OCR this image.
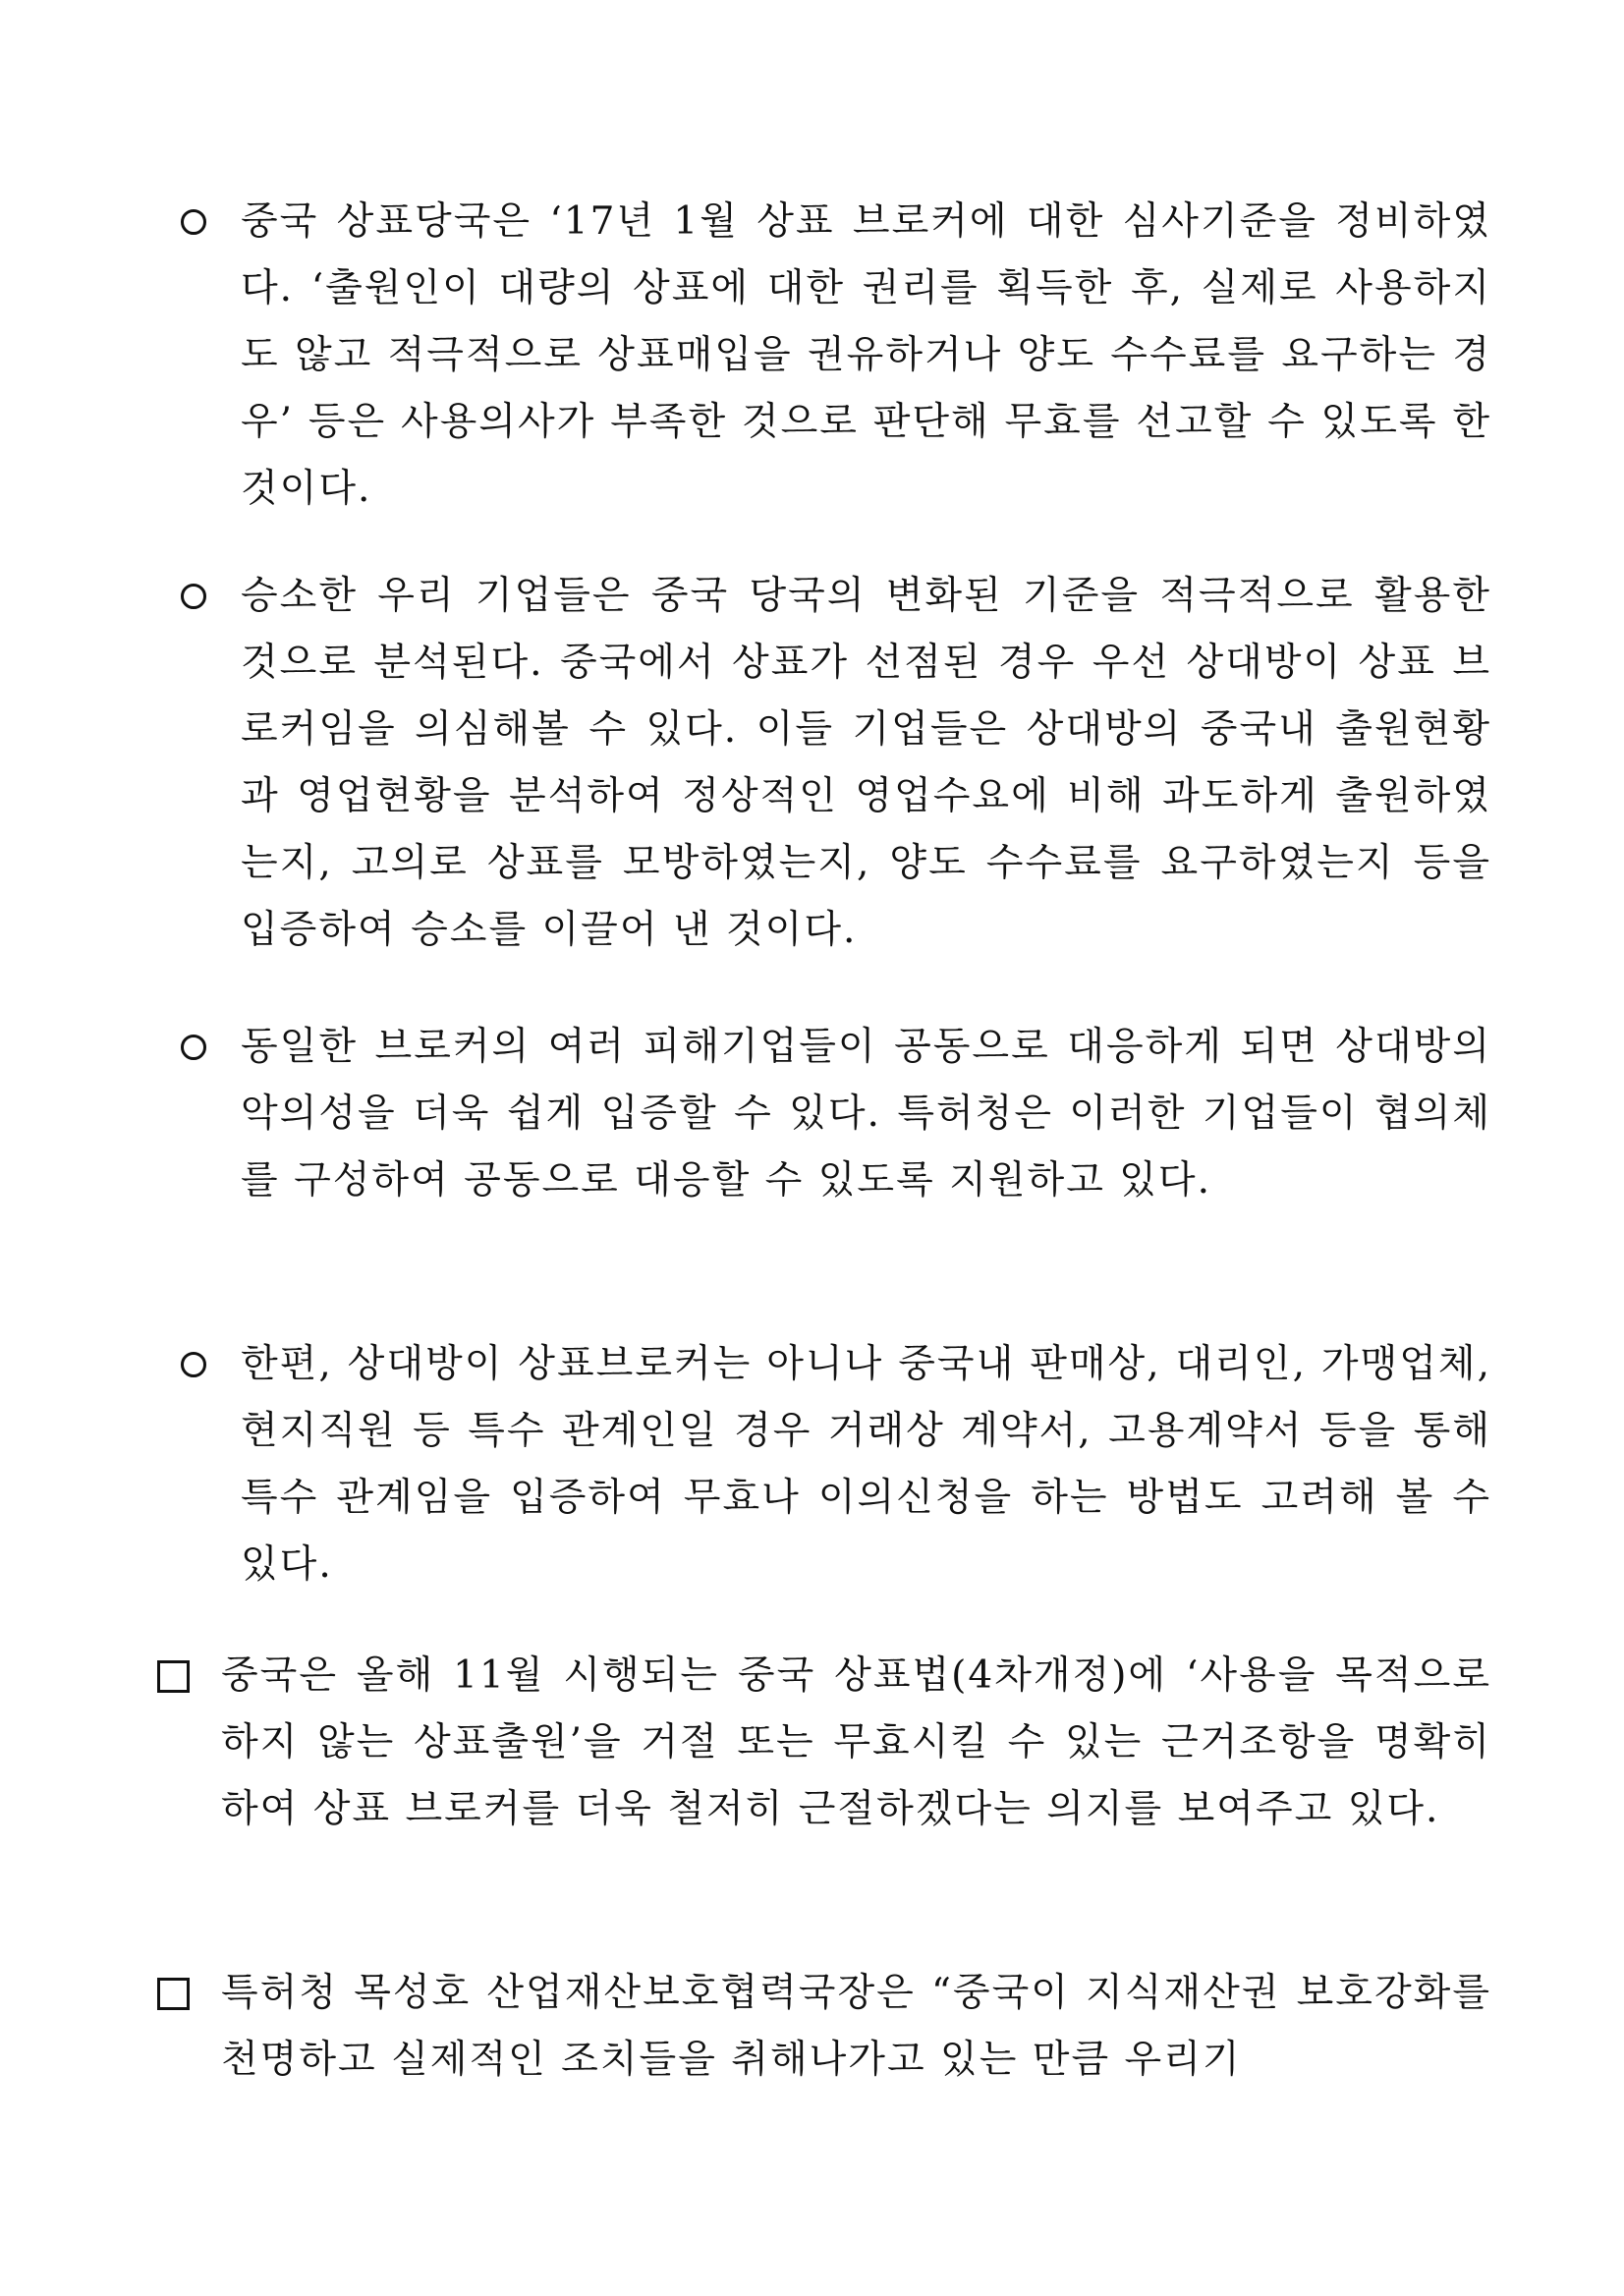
중국 상표당국은 ‘17년 1월 상표 브로커에 대한 심사기준을 정비하였다. ‘출원인이 대량의 상표에 대한 권리를 획득한 후, 실제로 사용하지도 않고 적극적으로 상표매입을 권유하거나 양도 수수료를 요구하는 경우’ 등은 사용의사가 부족한 것으로 판단해 무효를 선고할 수 있도록 한 것이다.
승소한 우리 기업들은 중국 당국의 변화된 기준을 적극적으로 활용한 것으로 분석된다. 중국에서 상표가 선점된 경우 우선 상대방이 상표 브로커임을 의심해볼 수 있다. 이들 기업들은 상대방의 중국내 출원현황과 영업현황을 분석하여 정상적인 영업수요에 비해 과도하게 출원하였는지, 고의로 상표를 모방하였는지, 양도 수수료를 요구하였는지 등을 입증하여 승소를 이끌어 낸 것이다.
동일한 브로커의 여러 피해기업들이 공동으로 대응하게 되면 상대방의 악의성을 더욱 쉽게 입증할 수 있다. 특허청은 이러한 기업들이 협의체를 구성하여 공동으로 대응할 수 있도록 지원하고 있다.
한편, 상대방이 상표브로커는 아니나 중국내 판매상, 대리인, 가맹업체, 현지직원 등 특수 관계인일 경우 거래상 계약서, 고용계약서 등을 통해 특수 관계임을 입증하여 무효나 이의신청을 하는 방법도 고려해 볼 수 있다.
중국은 올해 11월 시행되는 중국 상표법(4차개정)에 ‘사용을 목적으로 하지 않는 상표출원’을 거절 또는 무효시킬 수 있는 근거조항을 명확히 하여 상표 브로커를 더욱 철저히 근절하겠다는 의지를 보여주고 있다.
특허청 목성호 산업재산보호협력국장은 “중국이 지식재산권 보호강화를 천명하고 실제적인 조치들을 취해나가고 있는 만큼 우리기
